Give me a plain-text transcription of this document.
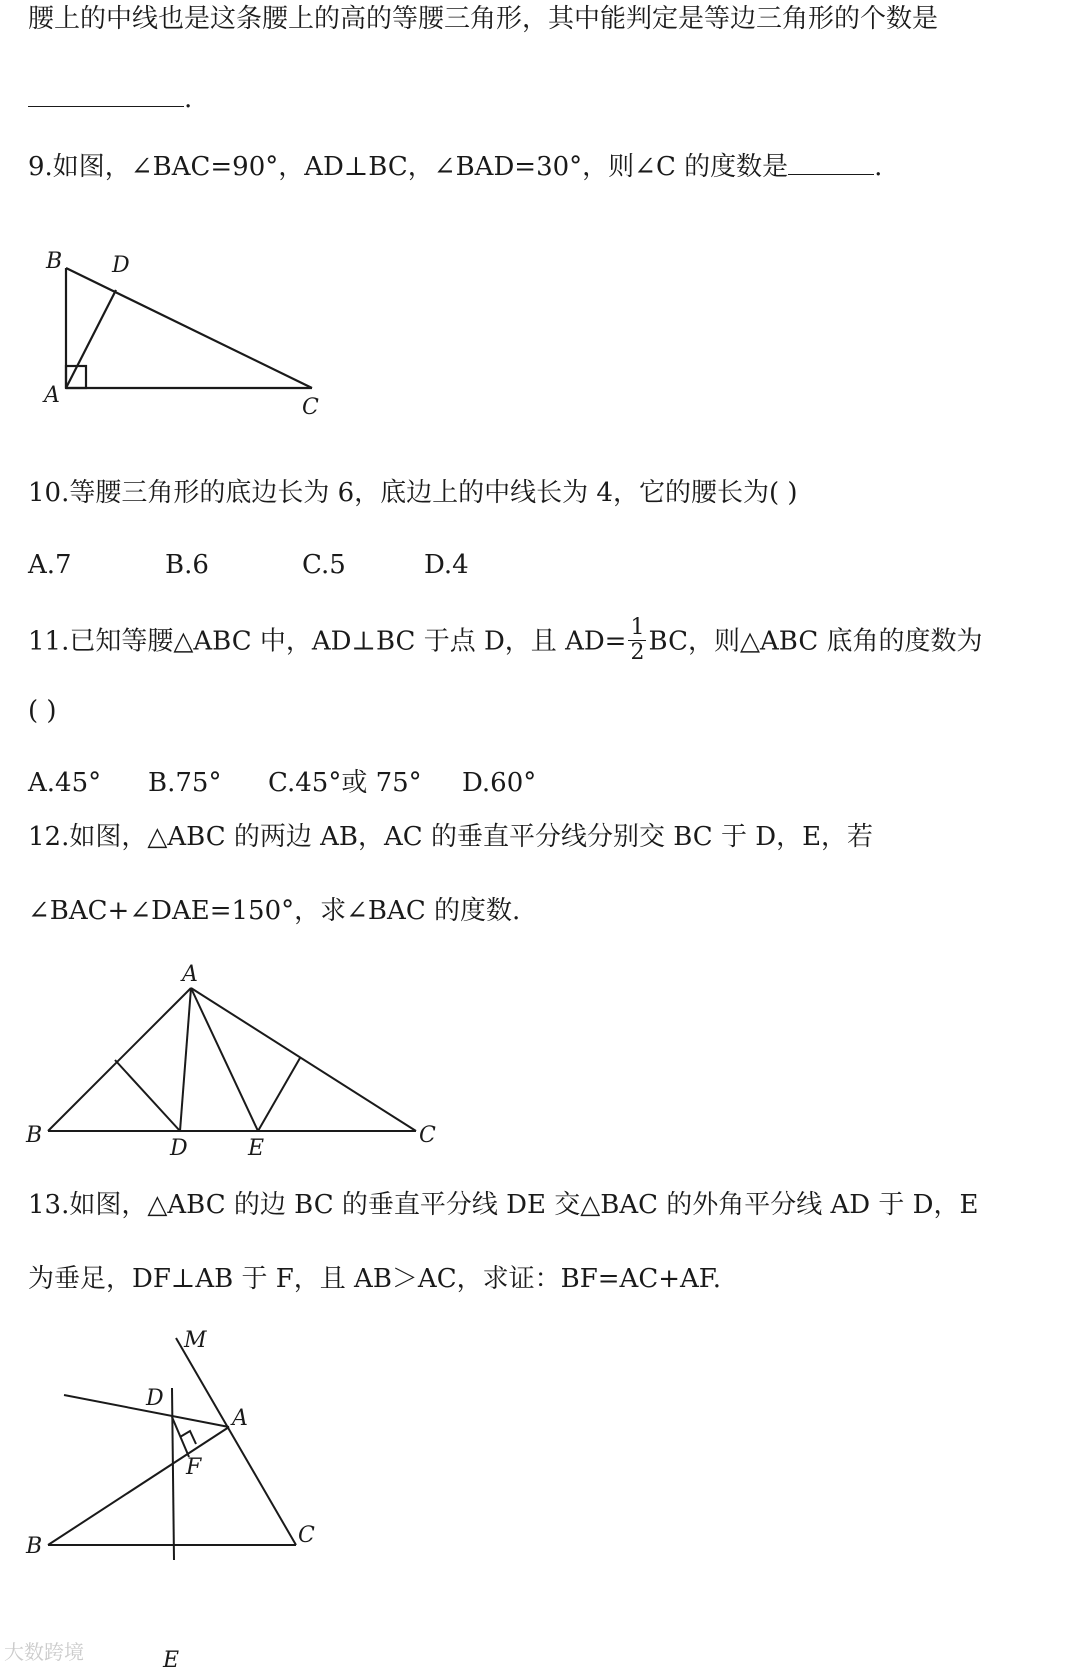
腰上的中线也是这条腰上的高的等腰三角形，其中能判定是等边三角形的个数是
.
9.如图，∠BAC=90°，AD⊥BC，∠BAD=30°，则∠C 的度数是	.
B D
A	C
10.等腰三角形的底边长为 6，底边上的中线长为 4，它的腰长为( )
A.7	B.6	C.5	D.4
11.已知等腰△ABC 中，AD⊥BC 于点 D，且 $AD= \frac{1}{2}$ BC，则△ABC 底角的度数为
( )
A.45° B.75° C.45°或 75° D.60°
12.如图，△ABC 的两边 AB，AC 的垂直平分线分别交 BC 于 D，E，若
∠BAC+∠DAE=150°，求∠BAC 的度数.
A
B
D	E
C
13.如图，△ABC 的边 BC 的垂直平分线 DE 交△BAC 的外角平分线 AD 于 D，E
为垂足，DF⊥AB 于 F，且 AB＞AC，求证：BF=AC+AF.
M
D
A
F
B	C
E
大数跨境
